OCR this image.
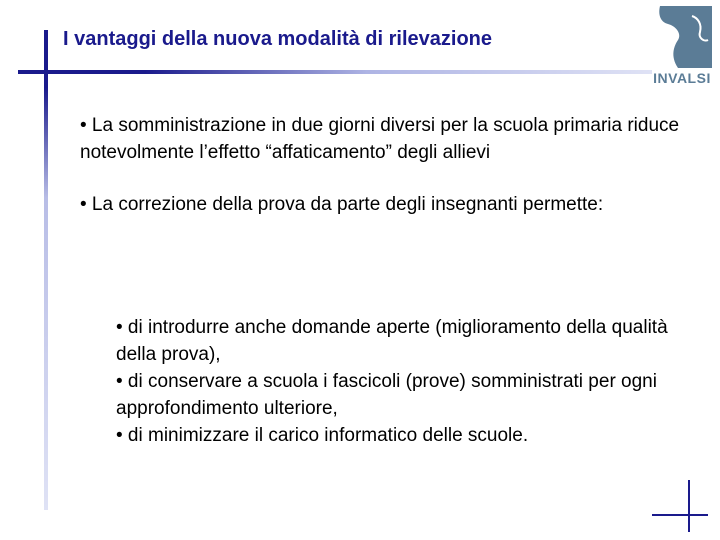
I vantaggi della nuova modalità di rilevazione
INVALSI

• La somministrazione in due giorni diversi per la scuola primaria riduce notevolmente l’effetto “affaticamento” degli allievi

• La correzione della prova da parte degli insegnanti permette:

• di introdurre anche domande aperte (miglioramento della qualità della prova),
• di conservare a scuola i fascicoli (prove) somministrati per ogni approfondimento ulteriore,
• di minimizzare il carico informatico delle scuole.
